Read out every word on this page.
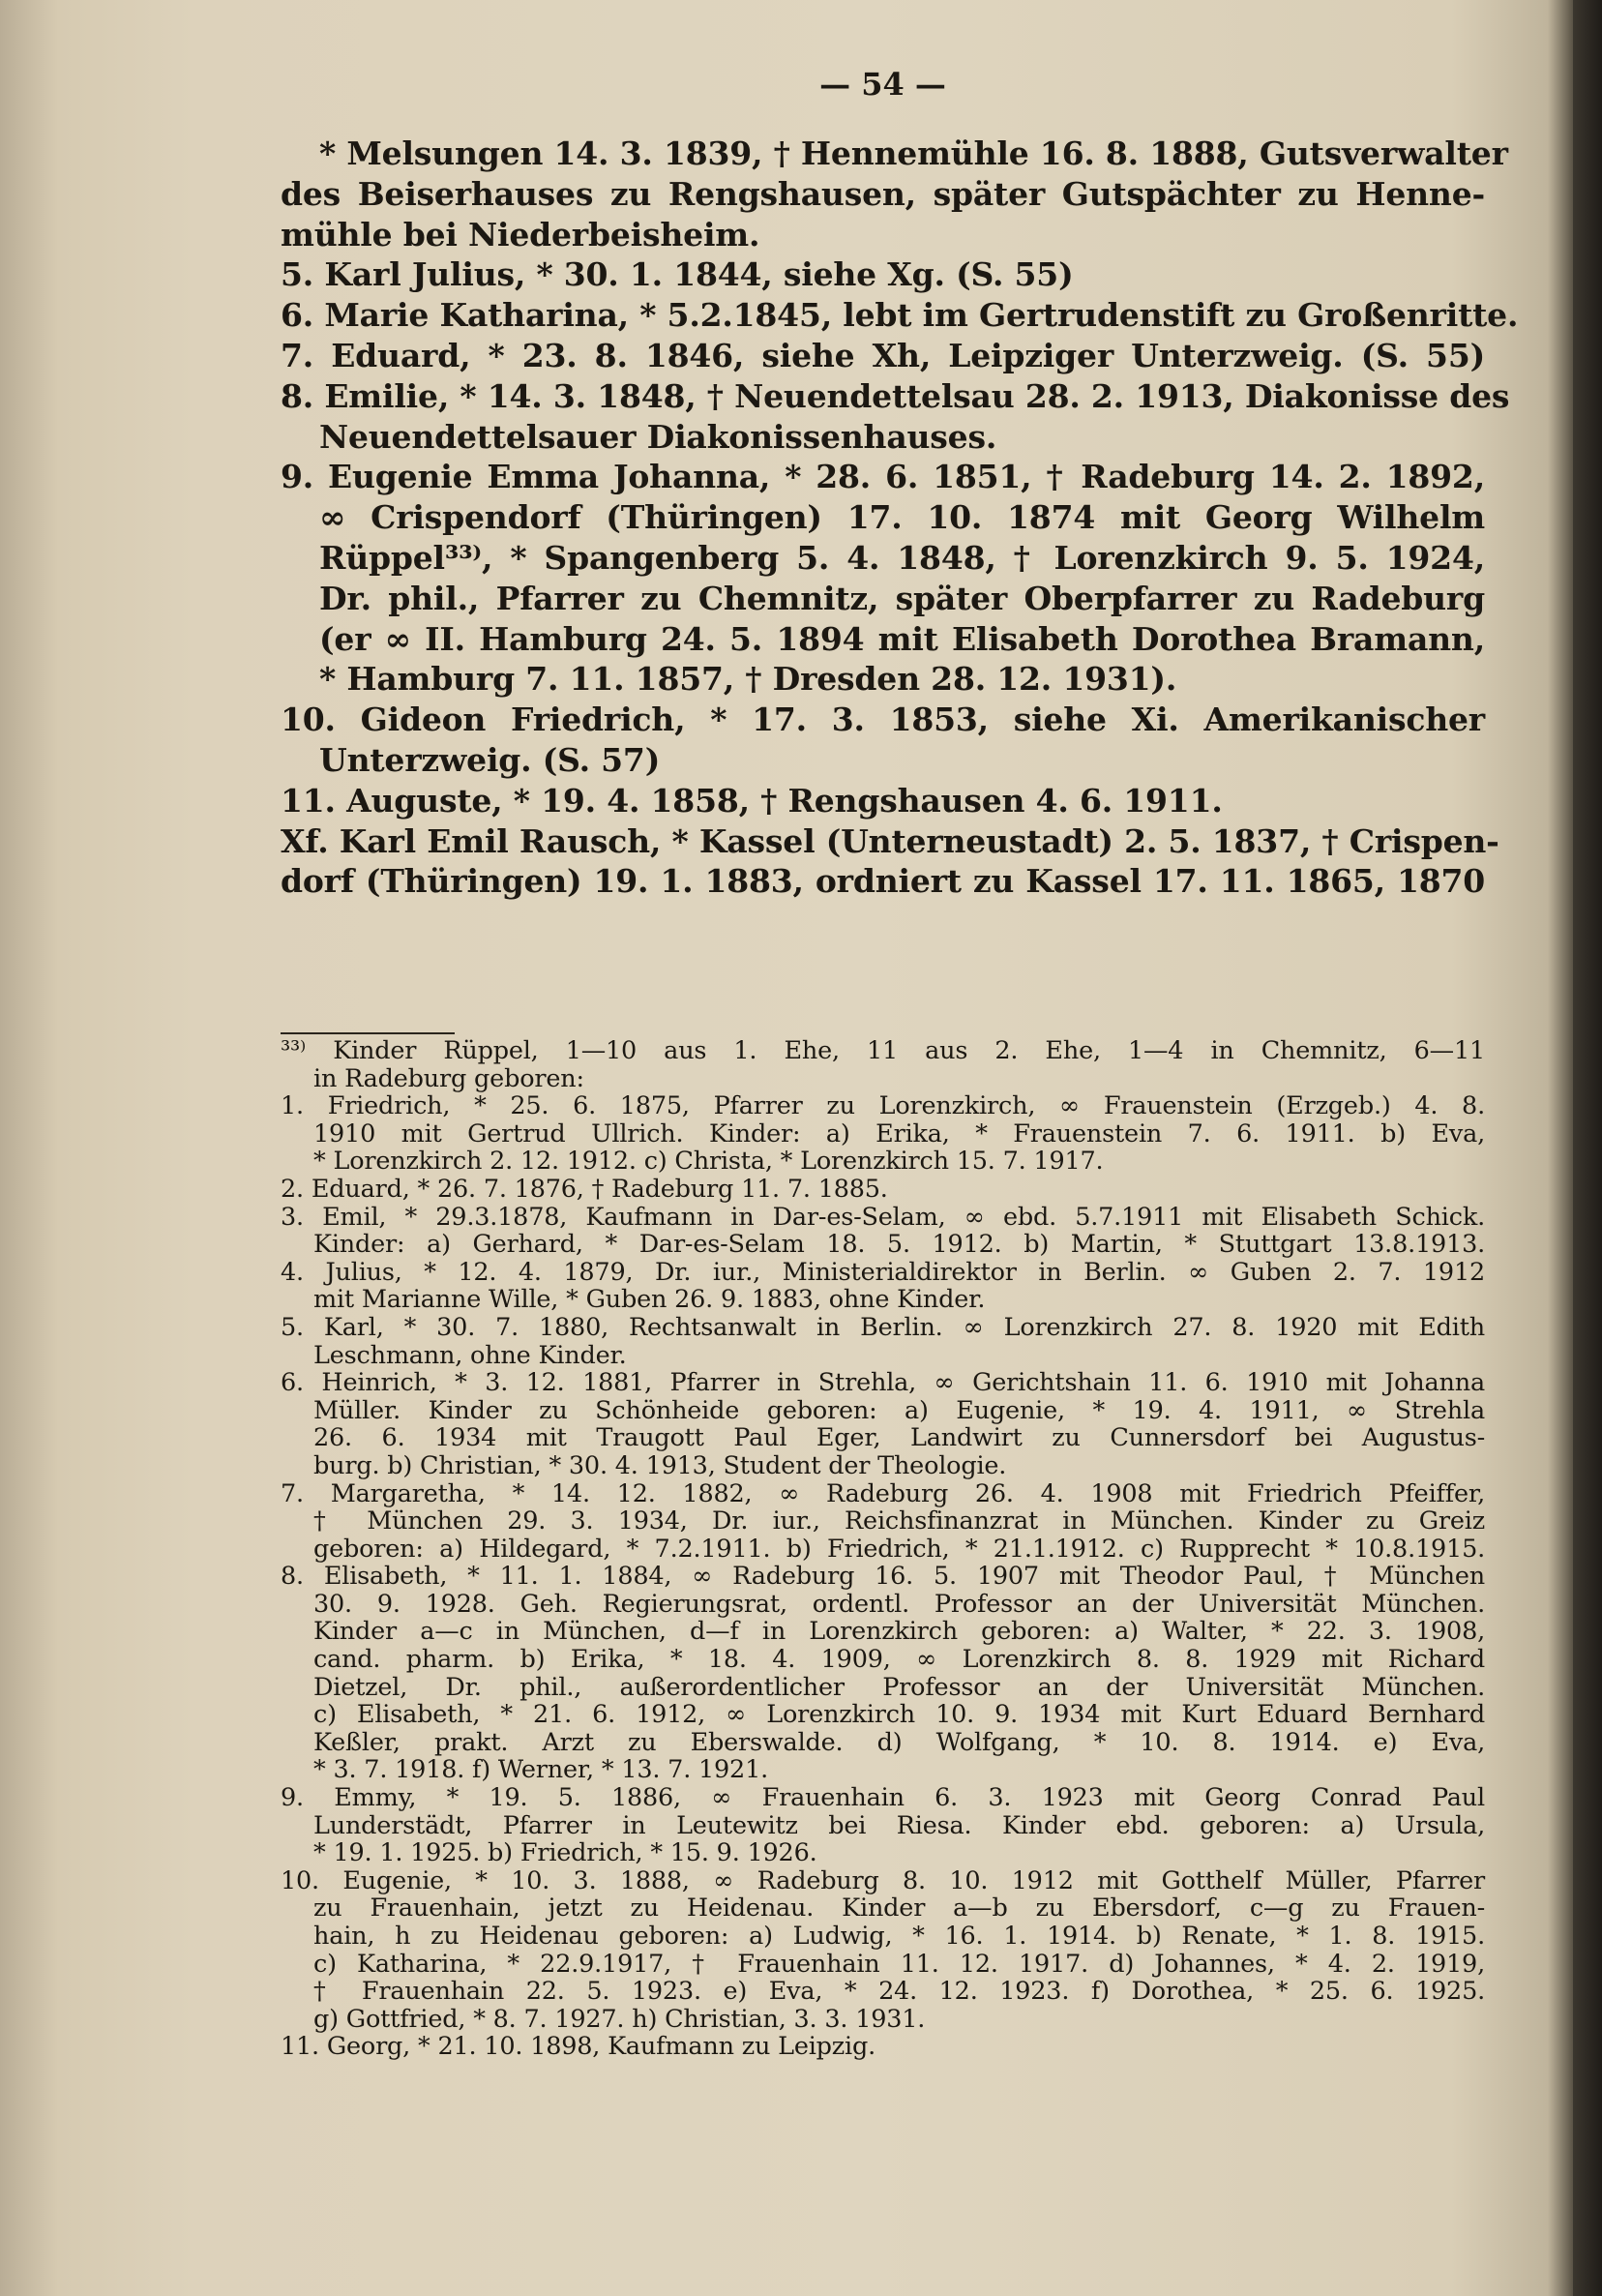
— 54 —
* Melsungen 14. 3. 1839, † Hennemühle 16. 8. 1888, Gutsverwalter
des Beiserhauses zu Rengshausen, später Gutspächter zu Henne-
mühle bei Niederbeisheim.
5. Karl Julius, * 30. 1. 1844, siehe Xg. (S. 55)
6. Marie Katharina, * 5.2.1845, lebt im Gertrudenstift zu Großenritte.
7. Eduard, * 23. 8. 1846, siehe Xh, Leipziger Unterzweig. (S. 55)
8. Emilie, * 14. 3. 1848, † Neuendettelsau 28. 2. 1913, Diakonisse des
Neuendettelsauer Diakonissenhauses.
9. Eugenie Emma Johanna, * 28. 6. 1851, † Radeburg 14. 2. 1892,
∞ Crispendorf (Thüringen) 17. 10. 1874 mit Georg Wilhelm
Rüppel³³⁾, * Spangenberg 5. 4. 1848, † Lorenzkirch 9. 5. 1924,
Dr. phil., Pfarrer zu Chemnitz, später Oberpfarrer zu Radeburg
(er ∞ II. Hamburg 24. 5. 1894 mit Elisabeth Dorothea Bramann,
* Hamburg 7. 11. 1857, † Dresden 28. 12. 1931).
10. Gideon Friedrich, * 17. 3. 1853, siehe Xi. Amerikanischer
Unterzweig. (S. 57)
11. Auguste, * 19. 4. 1858, † Rengshausen 4. 6. 1911.
Xf. Karl Emil Rausch, * Kassel (Unterneustadt) 2. 5. 1837, † Crispen-
dorf (Thüringen) 19. 1. 1883, ordniert zu Kassel 17. 11. 1865, 1870
³³⁾ Kinder Rüppel, 1—10 aus 1. Ehe, 11 aus 2. Ehe, 1—4 in Chemnitz, 6—11
in Radeburg geboren:
1. Friedrich, * 25. 6. 1875, Pfarrer zu Lorenzkirch, ∞ Frauenstein (Erzgeb.) 4. 8.
1910 mit Gertrud Ullrich. Kinder: a) Erika, * Frauenstein 7. 6. 1911. b) Eva,
* Lorenzkirch 2. 12. 1912. c) Christa, * Lorenzkirch 15. 7. 1917.
2. Eduard, * 26. 7. 1876, † Radeburg 11. 7. 1885.
3. Emil, * 29.3.1878, Kaufmann in Dar-es-Selam, ∞ ebd. 5.7.1911 mit Elisabeth Schick.
Kinder: a) Gerhard, * Dar-es-Selam 18. 5. 1912. b) Martin, * Stuttgart 13.8.1913.
4. Julius, * 12. 4. 1879, Dr. iur., Ministerialdirektor in Berlin. ∞ Guben 2. 7. 1912
mit Marianne Wille, * Guben 26. 9. 1883, ohne Kinder.
5. Karl, * 30. 7. 1880, Rechtsanwalt in Berlin. ∞ Lorenzkirch 27. 8. 1920 mit Edith
Leschmann, ohne Kinder.
6. Heinrich, * 3. 12. 1881, Pfarrer in Strehla, ∞ Gerichtshain 11. 6. 1910 mit Johanna
Müller. Kinder zu Schönheide geboren: a) Eugenie, * 19. 4. 1911, ∞ Strehla
26. 6. 1934 mit Traugott Paul Eger, Landwirt zu Cunnersdorf bei Augustus-
burg. b) Christian, * 30. 4. 1913, Student der Theologie.
7. Margaretha, * 14. 12. 1882, ∞ Radeburg 26. 4. 1908 mit Friedrich Pfeiffer,
† München 29. 3. 1934, Dr. iur., Reichsfinanzrat in München. Kinder zu Greiz
geboren: a) Hildegard, * 7.2.1911. b) Friedrich, * 21.1.1912. c) Rupprecht * 10.8.1915.
8. Elisabeth, * 11. 1. 1884, ∞ Radeburg 16. 5. 1907 mit Theodor Paul, † München
30. 9. 1928. Geh. Regierungsrat, ordentl. Professor an der Universität München.
Kinder a—c in München, d—f in Lorenzkirch geboren: a) Walter, * 22. 3. 1908,
cand. pharm. b) Erika, * 18. 4. 1909, ∞ Lorenzkirch 8. 8. 1929 mit Richard
Dietzel, Dr. phil., außerordentlicher Professor an der Universität München.
c) Elisabeth, * 21. 6. 1912, ∞ Lorenzkirch 10. 9. 1934 mit Kurt Eduard Bernhard
Keßler, prakt. Arzt zu Eberswalde. d) Wolfgang, * 10. 8. 1914. e) Eva,
* 3. 7. 1918. f) Werner, * 13. 7. 1921.
9. Emmy, * 19. 5. 1886, ∞ Frauenhain 6. 3. 1923 mit Georg Conrad Paul
Lunderstädt, Pfarrer in Leutewitz bei Riesa. Kinder ebd. geboren: a) Ursula,
* 19. 1. 1925. b) Friedrich, * 15. 9. 1926.
10. Eugenie, * 10. 3. 1888, ∞ Radeburg 8. 10. 1912 mit Gotthelf Müller, Pfarrer
zu Frauenhain, jetzt zu Heidenau. Kinder a—b zu Ebersdorf, c—g zu Frauen-
hain, h zu Heidenau geboren: a) Ludwig, * 16. 1. 1914. b) Renate, * 1. 8. 1915.
c) Katharina, * 22.9.1917, † Frauenhain 11. 12. 1917. d) Johannes, * 4. 2. 1919,
† Frauenhain 22. 5. 1923. e) Eva, * 24. 12. 1923. f) Dorothea, * 25. 6. 1925.
g) Gottfried, * 8. 7. 1927. h) Christian, 3. 3. 1931.
11. Georg, * 21. 10. 1898, Kaufmann zu Leipzig.
